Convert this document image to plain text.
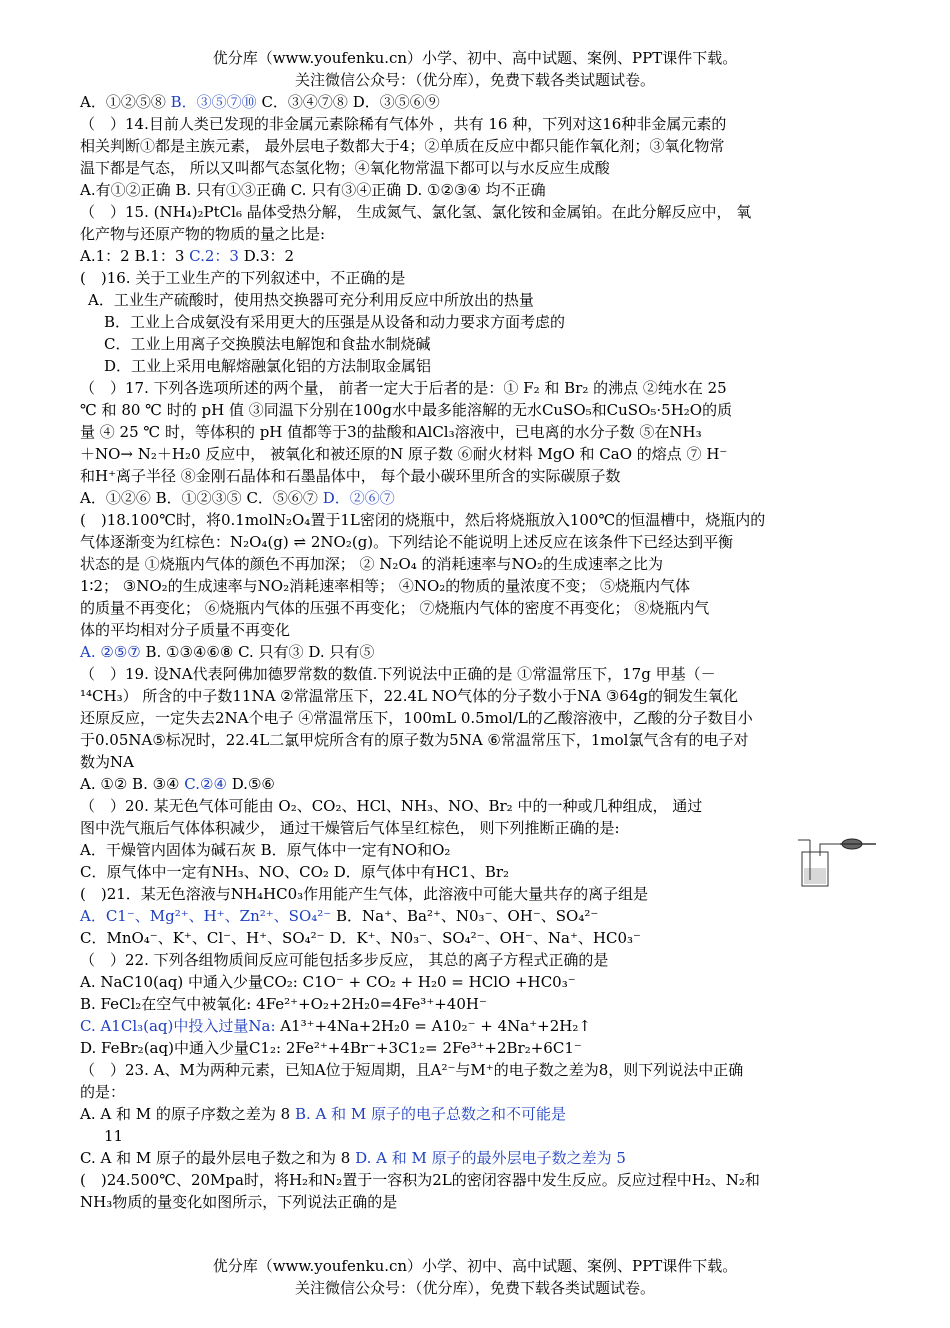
优分库（www.youfenku.cn）小学、初中、高中试题、案例、PPT课件下载。
关注微信公众号：（优分库），免费下载各类试题试卷。
A．①②⑤⑧ B．③⑤⑦⑩ C．③④⑦⑧ D．③⑤⑥⑨
（　）14.目前人类已发现的非金属元素除稀有气体外 ，共有 16 种，下列对这16种非金属元素的
相关判断①都是主族元素， 最外层电子数都大于4；②单质在反应中都只能作氧化剂；③氧化物常
温下都是气态， 所以又叫都气态氢化物；④氧化物常温下都可以与水反应生成酸
A.有①②正确 B. 只有①③正确 C. 只有③④正确 D. ①②③④ 均不正确
（　）15. (NH₄)₂PtCl₆ 晶体受热分解， 生成氮气、氯化氢、氯化铵和金属铂。在此分解反应中， 氧
化产物与还原产物的物质的量之比是:
A.1：2 B.1：3 C.2：3 D.3：2
(　)16. 关于工业生产的下列叙述中，不正确的是
A．工业生产硫酸时，使用热交换器可充分利用反应中所放出的热量
B．工业上合成氨没有采用更大的压强是从设备和动力要求方面考虑的
C．工业上用离子交换膜法电解饱和食盐水制烧碱
D．工业上采用电解熔融氯化铝的方法制取金属铝
（　）17. 下列各选项所述的两个量， 前者一定大于后者的是：① F₂ 和 Br₂ 的沸点 ②纯水在 25
℃ 和 80 ℃ 时的 pH 值 ③同温下分别在100g水中最多能溶解的无水CuSO₅和CuSO₅·5H₂O的质
量 ④ 25 ℃ 时，等体积的 pH 值都等于3的盐酸和AlCl₃溶液中，已电离的水分子数 ⑤在NH₃
＋NO→ N₂＋H₂0 反应中， 被氧化和被还原的N 原子数 ⑥耐火材料 MgO 和 CaO 的熔点 ⑦ H⁻
和H⁺离子半径 ⑧金刚石晶体和石墨晶体中， 每个最小碳环里所含的实际碳原子数
A．①②⑥ B．①②③⑤ C．⑤⑥⑦ D．②⑥⑦
(　)18.100℃时，将0.1molN₂O₄置于1L密闭的烧瓶中，然后将烧瓶放入100℃的恒温槽中，烧瓶内的
气体逐渐变为红棕色：N₂O₄(g) ⇌ 2NO₂(g)。下列结论不能说明上述反应在该条件下已经达到平衡
状态的是 ①烧瓶内气体的颜色不再加深； ② N₂O₄ 的消耗速率与NO₂的生成速率之比为
1∶2； ③NO₂的生成速率与NO₂消耗速率相等； ④NO₂的物质的量浓度不变； ⑤烧瓶内气体
的质量不再变化； ⑥烧瓶内气体的压强不再变化； ⑦烧瓶内气体的密度不再变化； ⑧烧瓶内气
体的平均相对分子质量不再变化
A. ②⑤⑦ B. ①③④⑥⑧ C. 只有③ D. 只有⑤
（　）19. 设NA代表阿佛加德罗常数的数值.下列说法中正确的是 ①常温常压下，17g 甲基（－
¹⁴CH₃） 所含的中子数11NA ②常温常压下，22.4L NO气体的分子数小于NA ③64g的铜发生氧化
还原反应，一定失去2NA个电子 ④常温常压下，100mL 0.5mol/L的乙酸溶液中，乙酸的分子数目小
于0.05NA⑤标况时，22.4L二氯甲烷所含有的原子数为5NA ⑥常温常压下，1mol氯气含有的电子对
数为NA
A. ①② B. ③④ C.②④ D.⑤⑥
（　）20. 某无色气体可能由 O₂、CO₂、HCl、NH₃、NO、Br₂ 中的一种或几种组成， 通过
图中洗气瓶后气体体积减少， 通过干燥管后气体呈红棕色， 则下列推断正确的是:
A．干燥管内固体为碱石灰 B．原气体中一定有NO和O₂
C．原气体中一定有NH₃、NO、CO₂ D．原气体中有HC1、Br₂
(　)21．某无色溶液与NH₄HC0₃作用能产生气体，此溶液中可能大量共存的离子组是
A．C1⁻、Mg²⁺、H⁺、Zn²⁺、SO₄²⁻ B．Na⁺、Ba²⁺、N0₃⁻、OH⁻、SO₄²⁻
C．MnO₄⁻、K⁺、Cl⁻、H⁺、SO₄²⁻ D．K⁺、N0₃⁻、SO₄²⁻、OH⁻、Na⁺、HC0₃⁻
（　）22. 下列各组物质间反应可能包括多步反应， 其总的离子方程式正确的是
A. NaC10(aq) 中通入少量CO₂: C1O⁻ + CO₂ + H₂0 = HClO +HC0₃⁻
B. FeCl₂在空气中被氧化: 4Fe²⁺+O₂+2H₂0=4Fe³⁺+40H⁻
C. A1Cl₃(aq)中投入过量Na: A1³⁺+4Na+2H₂0 = A10₂⁻ + 4Na⁺+2H₂↑
D. FeBr₂(aq)中通入少量C1₂: 2Fe²⁺+4Br⁻+3C1₂= 2Fe³⁺+2Br₂+6C1⁻
（　）23. A、M为两种元素，已知A位于短周期，且A²⁻与M⁺的电子数之差为8，则下列说法中正确
的是：
A. A 和 M 的原子序数之差为 8 B. A 和 M 原子的电子总数之和不可能是
11
C. A 和 M 原子的最外层电子数之和为 8 D. A 和 M 原子的最外层电子数之差为 5
(　)24.500℃、20Mpa时，将H₂和N₂置于一容积为2L的密闭容器中发生反应。反应过程中H₂、N₂和
NH₃物质的量变化如图所示，下列说法正确的是
优分库（www.youfenku.cn）小学、初中、高中试题、案例、PPT课件下载。
关注微信公众号：（优分库），免费下载各类试题试卷。
